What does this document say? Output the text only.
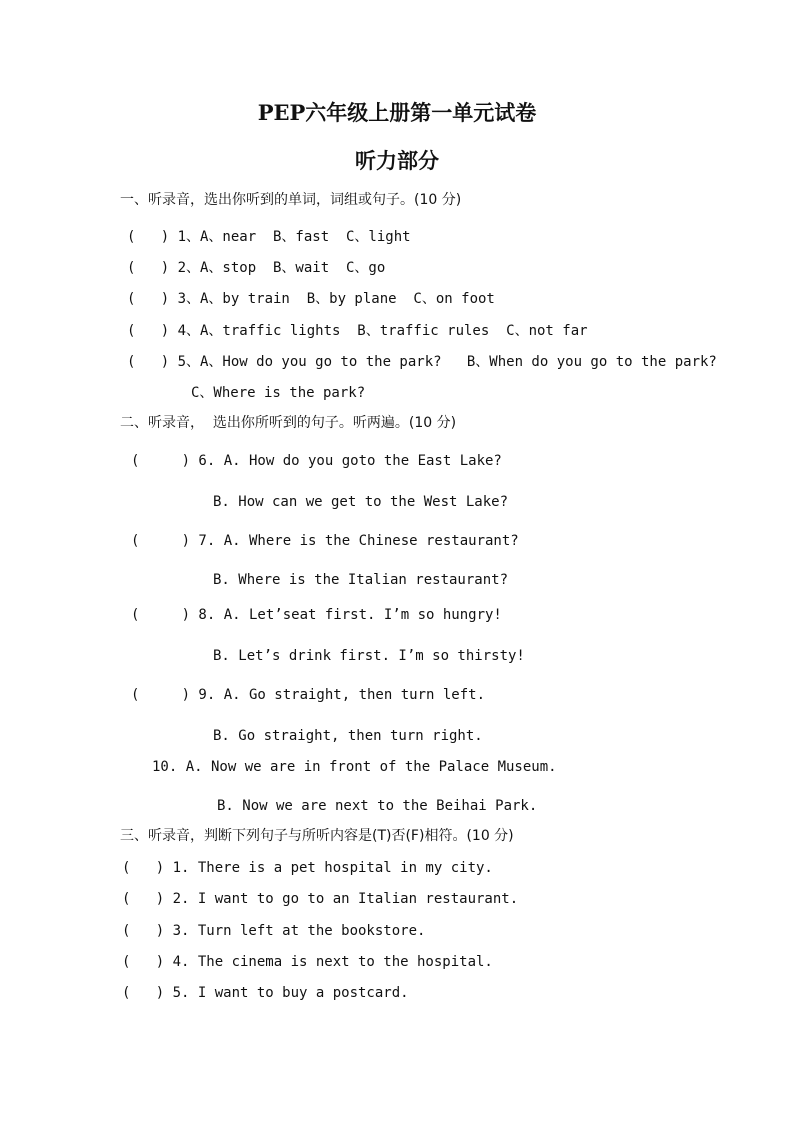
PEP六年级上册第一单元试卷
听力部分
一、听录音，选出你听到的单词，词组或句子。(10 分)
(   ) 1、A、near  B、fast  C、light
(   ) 2、A、stop  B、wait  C、go
(   ) 3、A、by train  B、by plane  C、on foot
(   ) 4、A、traffic lights  B、traffic rules  C、not far
(   ) 5、A、How do you go to the park?   B、When do you go to the park?
C、Where is the park?
二、听录音，  选出你所听到的句子。听两遍。(10 分)
(     ) 6. A. How do you goto the East Lake?
B. How can we get to the West Lake?
(     ) 7. A. Where is the Chinese restaurant?
B. Where is the Italian restaurant?
(     ) 8. A. Let’seat first. I’m so hungry!
B. Let’s drink first. I’m so thirsty!
(     ) 9. A. Go straight, then turn left.
B. Go straight, then turn right.
10. A. Now we are in front of the Palace Museum.
B. Now we are next to the Beihai Park.
三、听录音，判断下列句子与所听内容是(T)否(F)相符。(10 分)
(   ) 1. There is a pet hospital in my city.
(   ) 2. I want to go to an Italian restaurant.
(   ) 3. Turn left at the bookstore.
(   ) 4. The cinema is next to the hospital.
(   ) 5. I want to buy a postcard.
